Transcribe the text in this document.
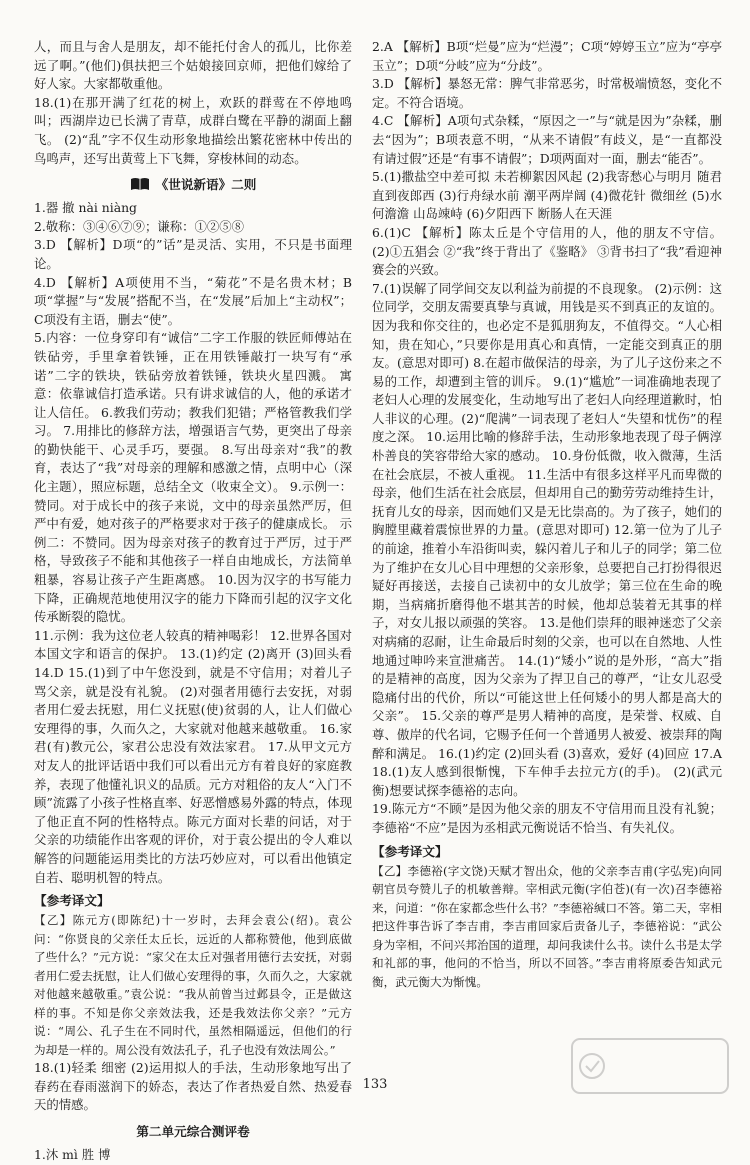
人，而且与舍人是朋友，却不能托付舍人的孤儿，比你差远了啊。”(他们)俱扶把三个姑娘接回京师，把他们嫁给了好人家。大家都敬重他。

18.(1)在那开满了红花的树上，欢跃的群莺在不停地鸣叫；西湖岸边已长满了青草，成群白鹭在平静的湖面上翻飞。 (2)“乱”字不仅生动形象地描绘出繁花密林中传出的鸟鸣声，还写出黄莺上下飞舞，穿梭林间的动态。

《世说新语》二则

1.器 撤 nài niàng

2.敬称：③④⑥⑦⑨；谦称：①②⑤⑧

3.D 【解析】D项“的”话”是灵活、实用，不只是书面理论。

4.D 【解析】A项使用不当，“菊花”不是名贵木材；B项“掌握”与“发展”搭配不当，在“发展”后加上“主动权”；C项没有主语，删去“使”。

5.内容：一位身穿印有“诚信”二字工作服的铁匠师傅站在铁砧旁，手里拿着铁锤，正在用铁锤敲打一块写有“承诺”二字的铁块，铁砧旁放着铁锤，铁块火星四溅。 寓意：依靠诚信打造承诺。只有讲求诚信的人，他的承诺才让人信任。 6.教我们劳动；教我们犯错；严格管教我们学习。 7.用排比的修辞方法，增强语言气势，更突出了母亲的勤快能干、心灵手巧，要强。 8.写出母亲对“我”的教育，表达了“我”对母亲的理解和感激之情，点明中心（深化主题），照应标题，总结全文（收束全文）。 9.示例一：赞同。对于成长中的孩子来说，文中的母亲虽然严厉，但严中有爱，她对孩子的严格要求对于孩子的健康成长。 示例二：不赞同。因为母亲对孩子的教育过于严厉，过于严格，导致孩子不能和其他孩子一样自由地成长，方法简单粗暴，容易让孩子产生距离感。 10.因为汉字的书写能力下降，正确规范地使用汉字的能力下降而引起的汉字文化传承断裂的隐忧。

11.示例：我为这位老人较真的精神喝彩！ 12.世界各国对本国文字和语言的保护。 13.(1)约定 (2)离开 (3)回头看 14.D 15.(1)到了中午您没到，就是不守信用；对着儿子骂父亲，就是没有礼貌。 (2)对强者用德行去安抚，对弱者用仁爱去抚慰，用仁义抚慰(使)贫弱的人，让人们做心安理得的事，久而久之，大家就对他越来越敬重。 16.家君(有)教元公，家君公忠没有效法家君。 17.从甲文元方对友人的批评话语中我们可以看出元方有着良好的家庭教养，表现了他懂礼识义的品质。元方对粗俗的友人“入门不顾”流露了小孩子性格直率、好恶憎感易外露的特点，体现了他正直不阿的性格特点。陈元方面对长辈的问话，对于父亲的功绩能作出客观的评价，对于袁公提出的令人难以解答的问题能运用类比的方法巧妙应对，可以看出他镇定自若、聪明机智的特点。

【参考译文】

【乙】陈元方(即陈纪)十一岁时，去拜会袁公(绍)。袁公问：“你贤良的父亲任太丘长，远近的人都称赞他，他到底做了些什么？”元方说：“家父在太丘对强者用德行去安抚，对弱者用仁爱去抚慰，让人们做心安理得的事，久而久之，大家就对他越来越敬重。”袁公说：“我从前曾当过邺县令，正是做这样的事。不知是你父亲效法我，还是我效法你父亲？”元方说：“周公、孔子生在不同时代，虽然相隔遥远，但他们的行为却是一样的。周公没有效法孔子，孔子也没有效法周公。”

18.(1)轻柔 细密 (2)运用拟人的手法，生动形象地写出了春药在春雨滋润下的娇态，表达了作者热爱自然、热爱春天的情感。

第二单元综合测评卷

1.沐 mì 胜 博

2.A 【解析】B项“烂曼”应为“烂漫”；C项“婷婷玉立”应为“亭亭玉立”；D项“分岐”应为“分歧”。

3.D 【解析】暴怒无常：脾气非常恶劣，时常极端愤怒，变化不定。不符合语境。

4.C 【解析】A项句式杂糅，“原因之一”与“就是因为”杂糅，删去“因为”；B项表意不明，“从来不请假”有歧义，是“一直都没有请过假”还是“有事不请假”；D项两面对一面，删去“能否”。

5.(1)撒盐空中差可拟 未若柳絮因风起 (2)我寄愁心与明月 随君直到夜郎西 (3)行舟绿水前 潮平两岸阔 (4)微花针 微细丝 (5)水何澹澹 山岛竦峙 (6)夕阳西下 断肠人在天涯

6.(1)C 【解析】陈太丘是个守信用的人，他的朋友不守信。 (2)①五猖会 ②“我”终于背出了《鉴略》 ③背书扫了“我”看迎神赛会的兴致。

7.(1)误解了同学间交友以利益为前提的不良现象。 (2)示例：这位同学，交朋友需要真挚与真诚，用钱是买不到真正的友谊的。因为我和你交往的，也必定不是狐朋狗友，不值得交。“人心相知，贵在知心，”只要你是用真心和真情，一定能交到真正的朋友。(意思对即可) 8.在超市做保洁的母亲，为了儿子这份来之不易的工作，却遭到主管的训斥。 9.(1)“尴尬”一词准确地表现了老妇人心理的发展变化，生动地写出了老妇人向经理道歉时，怕人非议的心理。(2)“爬满”一词表现了老妇人“失望和忧伤”的程度之深。 10.运用比喻的修辞手法，生动形象地表现了母子俩淳朴善良的笑容带给大家的感动。 10.身份低微，收入微薄，生活在社会底层，不被人重视。 11.生活中有很多这样平凡而卑微的母亲，他们生活在社会底层，但却用自己的勤劳劳动维持生计，抚育儿女的母亲，因而她们又是无比崇高的。为了孩子，她们的胸膛里藏着震惊世界的力量。(意思对即可) 12.第一位为了儿子的前途，推着小车沿街叫卖，躲闪着儿子和儿子的同学；第二位为了维护在女儿心目中理想的父亲形象，总要把自己打扮得很迟疑好再接送，去接自己读初中的女儿放学；第三位在生命的晚期，当病痛折磨得他不堪其苦的时候，他却总装着无其事的样子，对女儿报以顽强的笑容。 13.是他们崇拜的眼神迷恋了父亲对病痛的忍耐，让生命最后时刻的父亲，也可以在自然地、人性地通过呻吟来宣泄痛苦。 14.(1)“矮小”说的是外形，“高大”指的是精神的高度，因为父亲为了捍卫自己的尊严，“让女儿忍受隐痛付出的代价，所以“可能这世上任何矮小的男人都是高大的父亲”。 15.父亲的尊严是男人精神的高度，是荣誉、权威、自尊、傲岸的代名词，它赐予任何一个普通男人被爱、被崇拜的陶醉和满足。 16.(1)约定 (2)回头看 (3)喜欢，爱好 (4)回应 17.A 18.(1)友人感到很惭愧，下车伸手去拉元方(的手)。 (2)(武元衡)想要试探李德裕的志向。

19.陈元方“不顾”是因为他父亲的朋友不守信用而且没有礼貌；李德裕“不应”是因为丞相武元衡说话不恰当、有失礼仪。

【参考译文】

【乙】李德裕(字文饶)天赋才智出众，他的父亲李吉甫(字弘宪)向同朝官员夸赞儿子的机敏善辩。宰相武元衡(字伯苍)(有一次)召李德裕来，问道：“你在家都念些什么书？”李德裕缄口不答。第二天，宰相把这件事告诉了李吉甫，李吉甫回家后责备儿子，李德裕说：“武公身为宰相，不问兴邦治国的道理，却问我读什么书。读什么书是太学和礼部的事，他问的不恰当，所以不回答。”李吉甫将原委告知武元衡，武元衡大为惭愧。

133
